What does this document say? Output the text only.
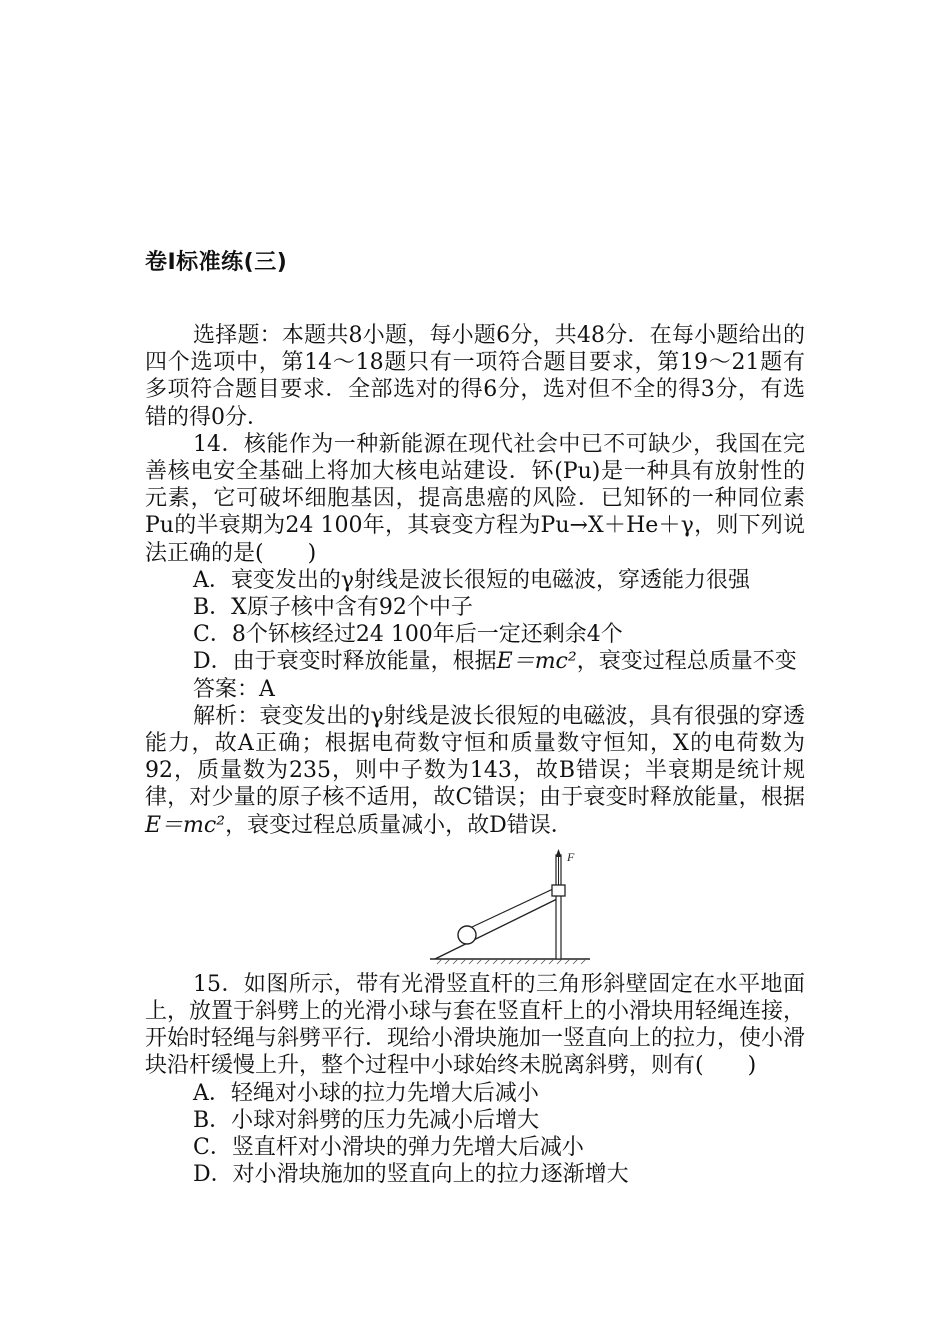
卷Ⅰ标准练(三)

选择题：本题共8小题，每小题6分，共48分．在每小题给出的四个选项中，第14～18题只有一项符合题目要求，第19～21题有多项符合题目要求．全部选对的得6分，选对但不全的得3分，有选错的得0分．

14．核能作为一种新能源在现代社会中已不可缺少，我国在完善核电安全基础上将加大核电站建设．钚(Pu)是一种具有放射性的元素，它可破坏细胞基因，提高患癌的风险．已知钚的一种同位素Pu的半衰期为24 100年，其衰变方程为Pu→X＋He＋γ，则下列说法正确的是(　　)

A．衰变发出的γ射线是波长很短的电磁波，穿透能力很强

B．X原子核中含有92个中子

C．8个钚核经过24 100年后一定还剩余4个

D．由于衰变时释放能量，根据E＝mc²，衰变过程总质量不变

答案：A

解析：衰变发出的γ射线是波长很短的电磁波，具有很强的穿透能力，故A正确；根据电荷数守恒和质量数守恒知，X的电荷数为92，质量数为235，则中子数为143，故B错误；半衰期是统计规律，对少量的原子核不适用，故C错误；由于衰变时释放能量，根据E＝mc²，衰变过程总质量减小，故D错误．

F

15．如图所示，带有光滑竖直杆的三角形斜壁固定在水平地面上，放置于斜劈上的光滑小球与套在竖直杆上的小滑块用轻绳连接，开始时轻绳与斜劈平行．现给小滑块施加一竖直向上的拉力，使小滑块沿杆缓慢上升，整个过程中小球始终未脱离斜劈，则有(　　)

A．轻绳对小球的拉力先增大后减小

B．小球对斜劈的压力先减小后增大

C．竖直杆对小滑块的弹力先增大后减小

D．对小滑块施加的竖直向上的拉力逐渐增大
